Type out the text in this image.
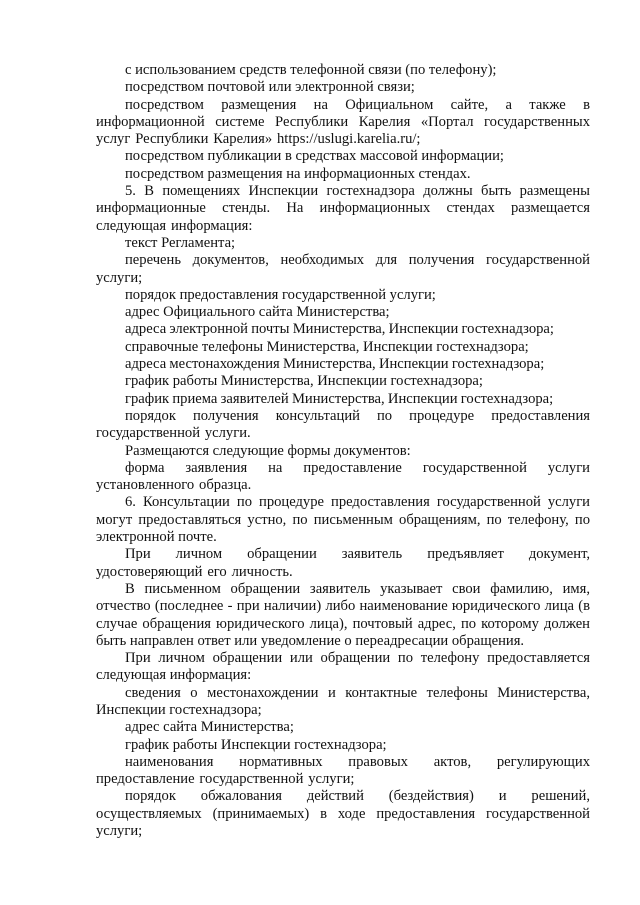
с использованием средств телефонной связи (по телефону);

посредством почтовой или электронной связи;

посредством размещения на Официальном сайте, а также в информационной системе Республики Карелия «Портал государственных услуг Республики Карелия» https://uslugi.karelia.ru/;

посредством публикации в средствах массовой информации;

посредством размещения на информационных стендах.

5. В помещениях Инспекции гостехнадзора должны быть размещены информационные стенды. На информационных стендах размещается следующая информация:

текст Регламента;

перечень документов, необходимых для получения государственной услуги;

порядок предоставления государственной услуги;

адрес Официального сайта Министерства;

адреса электронной почты Министерства, Инспекции гостехнадзора;

справочные телефоны Министерства, Инспекции гостехнадзора;

адреса местонахождения Министерства, Инспекции гостехнадзора;

график работы Министерства, Инспекции гостехнадзора;

график приема заявителей Министерства, Инспекции гостехнадзора;

порядок получения консультаций по процедуре предоставления государственной услуги.

Размещаются следующие формы документов:

форма заявления на предоставление государственной услуги установленного образца.

6. Консультации по процедуре предоставления государственной услуги могут предоставляться устно, по письменным обращениям, по телефону, по электронной почте.

При личном обращении заявитель предъявляет документ, удостоверяющий его личность.

В письменном обращении заявитель указывает свои фамилию, имя, отчество (последнее - при наличии) либо наименование юридического лица (в случае обращения юридического лица), почтовый адрес, по которому должен быть направлен ответ или уведомление о переадресации обращения.

При личном обращении или обращении по телефону предоставляется следующая информация:

сведения о местонахождении и контактные телефоны Министерства, Инспекции гостехнадзора;

адрес сайта Министерства;

график работы Инспекции гостехнадзора;

наименования нормативных правовых актов, регулирующих предоставление государственной услуги;

порядок обжалования действий (бездействия) и решений, осуществляемых (принимаемых) в ходе предоставления государственной услуги;
